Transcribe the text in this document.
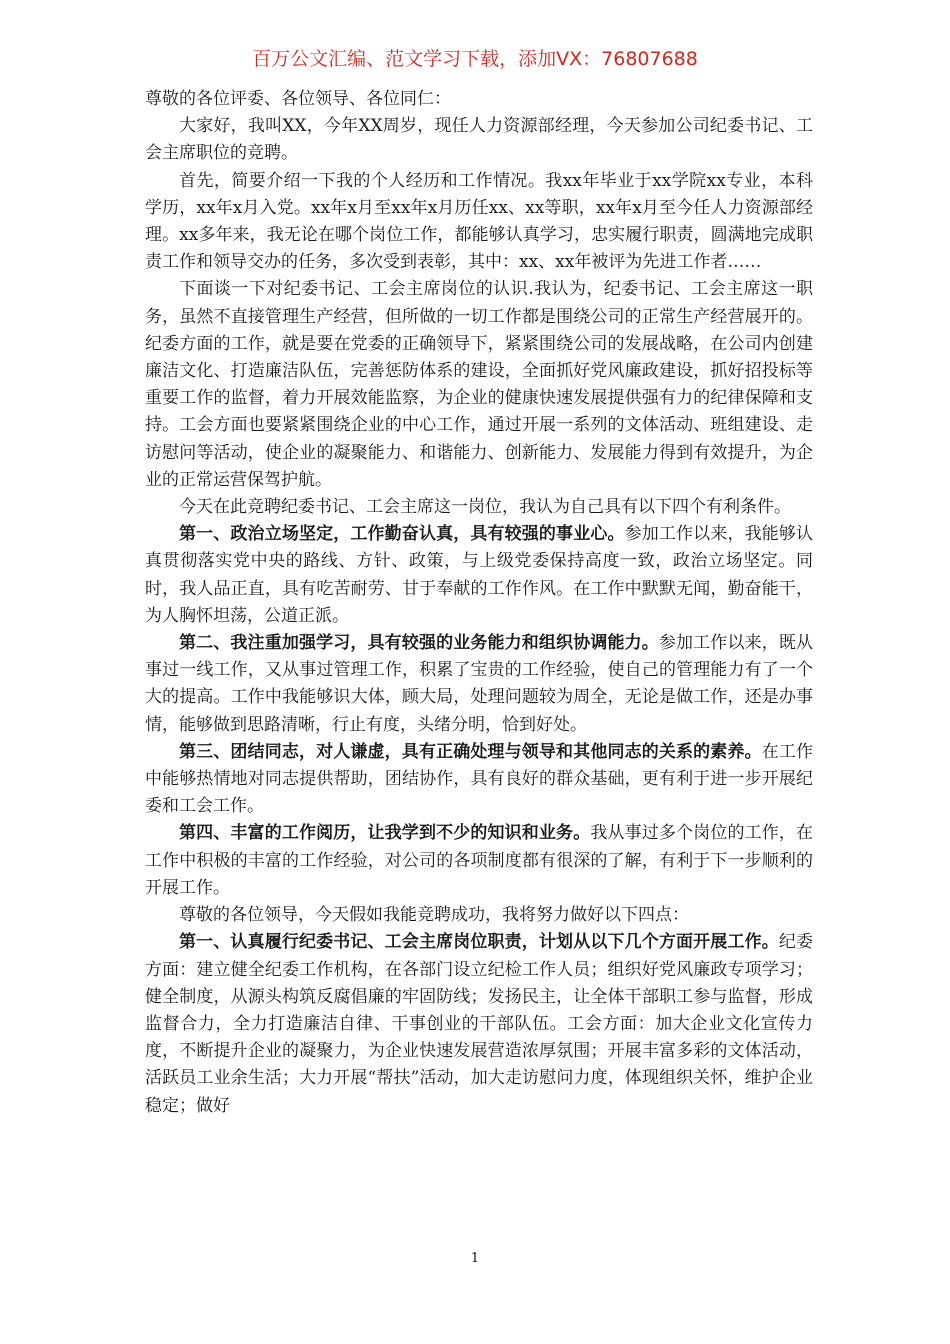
百万公文汇编、范文学习下载，添加VX：76807688

尊敬的各位评委、各位领导、各位同仁：

大家好，我叫XX，今年XX周岁，现任人力资源部经理，今天参加公司纪委书记、工会主席职位的竞聘。

首先，简要介绍一下我的个人经历和工作情况。我xx年毕业于xx学院xx专业，本科学历，xx年x月入党。xx年x月至xx年x月历任xx、xx等职，xx年x月至今任人力资源部经理。xx多年来，我无论在哪个岗位工作，都能够认真学习，忠实履行职责，圆满地完成职责工作和领导交办的任务，多次受到表彰，其中：xx、xx年被评为先进工作者……

下面谈一下对纪委书记、工会主席岗位的认识.我认为，纪委书记、工会主席这一职务，虽然不直接管理生产经营，但所做的一切工作都是围绕公司的正常生产经营展开的。纪委方面的工作，就是要在党委的正确领导下，紧紧围绕公司的发展战略，在公司内创建廉洁文化、打造廉洁队伍，完善惩防体系的建设，全面抓好党风廉政建设，抓好招投标等重要工作的监督，着力开展效能监察，为企业的健康快速发展提供强有力的纪律保障和支持。工会方面也要紧紧围绕企业的中心工作，通过开展一系列的文体活动、班组建设、走访慰问等活动，使企业的凝聚能力、和谐能力、创新能力、发展能力得到有效提升，为企业的正常运营保驾护航。

今天在此竞聘纪委书记、工会主席这一岗位，我认为自己具有以下四个有利条件。

第一、政治立场坚定，工作勤奋认真，具有较强的事业心。参加工作以来，我能够认真贯彻落实党中央的路线、方针、政策，与上级党委保持高度一致，政治立场坚定。同时，我人品正直，具有吃苦耐劳、甘于奉献的工作作风。在工作中默默无闻，勤奋能干，为人胸怀坦荡，公道正派。

第二、我注重加强学习，具有较强的业务能力和组织协调能力。参加工作以来，既从事过一线工作，又从事过管理工作，积累了宝贵的工作经验，使自己的管理能力有了一个大的提高。工作中我能够识大体，顾大局，处理问题较为周全，无论是做工作，还是办事情，能够做到思路清晰，行止有度，头绪分明，恰到好处。

第三、团结同志，对人谦虚，具有正确处理与领导和其他同志的关系的素养。在工作中能够热情地对同志提供帮助，团结协作，具有良好的群众基础，更有利于进一步开展纪委和工会工作。

第四、丰富的工作阅历，让我学到不少的知识和业务。我从事过多个岗位的工作，在工作中积极的丰富的工作经验，对公司的各项制度都有很深的了解，有利于下一步顺利的开展工作。

尊敬的各位领导，今天假如我能竞聘成功，我将努力做好以下四点：

第一、认真履行纪委书记、工会主席岗位职责，计划从以下几个方面开展工作。纪委方面：建立健全纪委工作机构，在各部门设立纪检工作人员；组织好党风廉政专项学习；健全制度，从源头构筑反腐倡廉的牢固防线；发扬民主，让全体干部职工参与监督，形成监督合力，全力打造廉洁自律、干事创业的干部队伍。工会方面：加大企业文化宣传力度，不断提升企业的凝聚力，为企业快速发展营造浓厚氛围；开展丰富多彩的文体活动，活跃员工业余生活；大力开展“帮扶”活动，加大走访慰问力度，体现组织关怀，维护企业稳定；做好

1
